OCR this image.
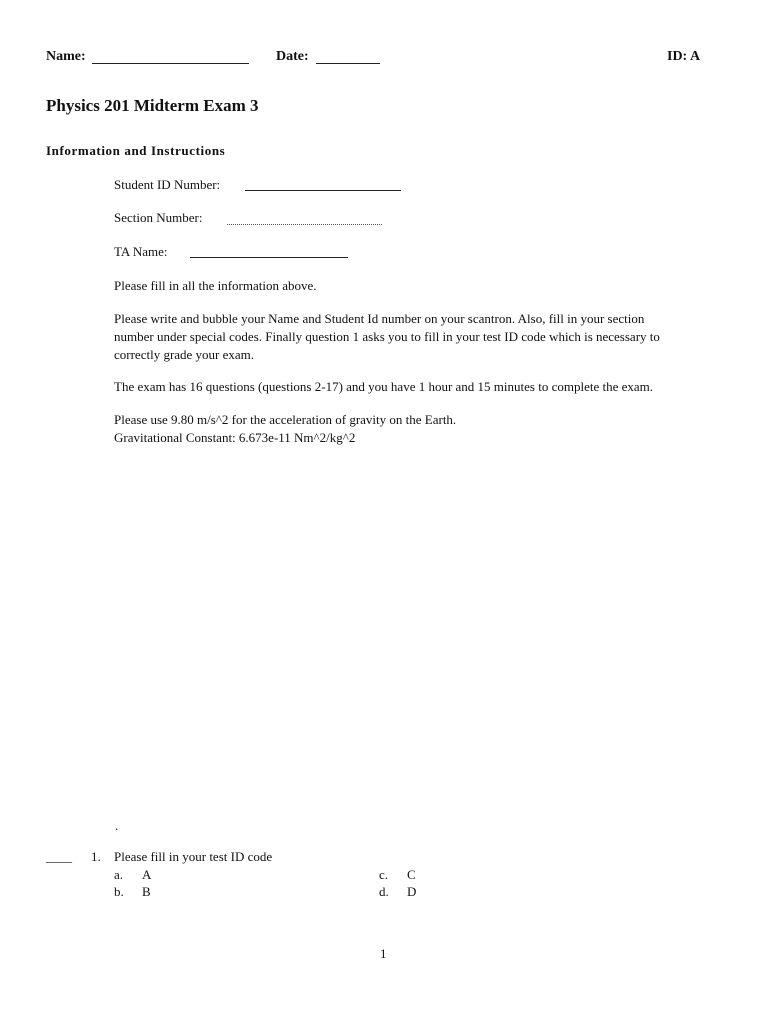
Name:	Date:	ID: A
Physics 201 Midterm Exam 3
Information and Instructions
Student ID Number:
Section Number:
TA Name:
Please fill in all the information above.
Please write and bubble your Name and Student Id number on your scantron. Also, fill in your section
number under special codes. Finally question 1 asks you to fill in your test ID code which is necessary to
correctly grade your exam.
The exam has 16 questions (questions 2-17) and you have 1 hour and 15 minutes to complete the exam.
Please use 9.80 m/s^2 for the acceleration of gravity on the Earth.
Gravitational Constant: 6.673e-11 Nm^2/kg^2
.
____ 1. Please fill in your test ID code
a. A
b. B
c. C
d. D
1
